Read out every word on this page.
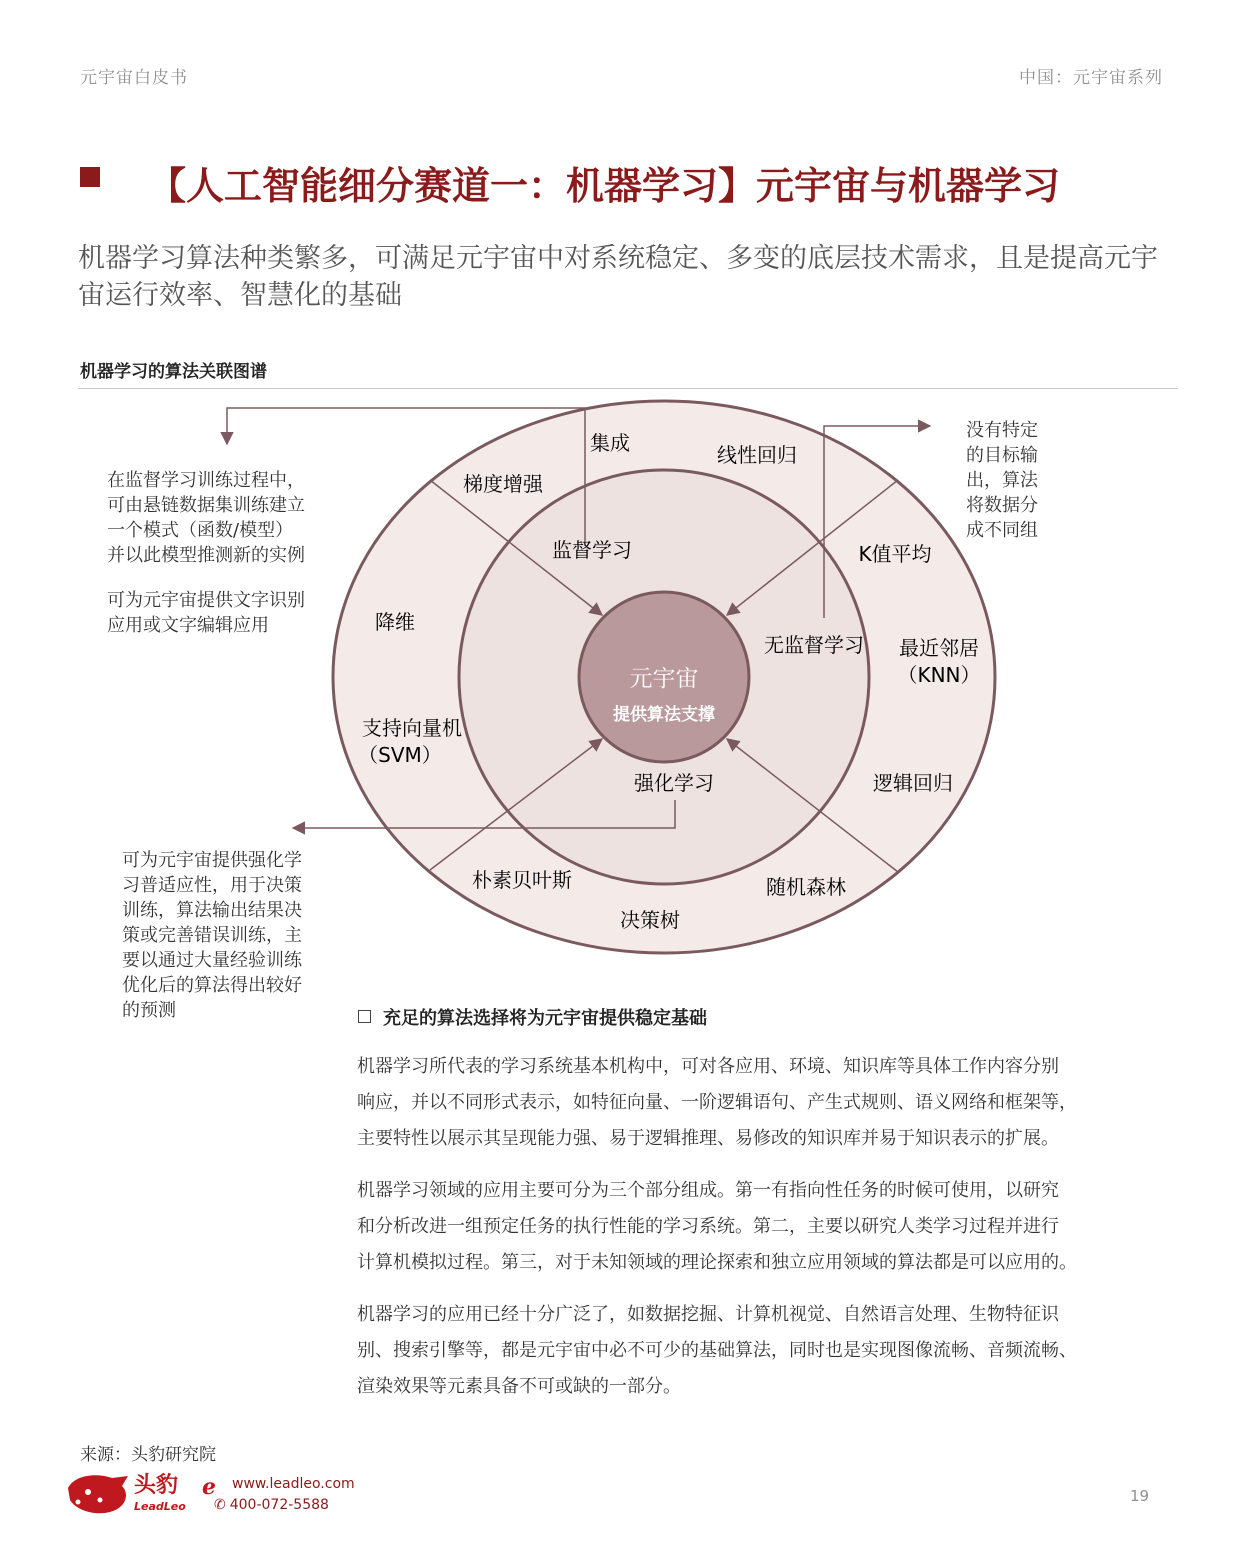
元宇宙白皮书	中国：元宇宙系列
【人工智能细分赛道一：机器学习】元宇宙与机器学习
机器学习算法种类繁多，可满足元宇宙中对系统稳定、多变的底层技术需求，且是提高元宇宙运行效率、智慧化的基础
机器学习的算法关联图谱
元宇宙
提供算法支撑
监督学习
无监督学习
强化学习
集成	线性回归
梯度增强
K值平均
降维
最近邻居
（KNN）
支持向量机
（SVM）
逻辑回归
朴素贝叶斯	随机森林
决策树
在监督学习训练过程中，
可由悬链数据集训练建立
一个模式（函数/模型）
并以此模型推测新的实例
可为元宇宙提供文字识别
应用或文字编辑应用
没有特定
的目标输
出，算法
将数据分
成不同组
可为元宇宙提供强化学
习普适应性，用于决策
训练，算法输出结果决
策或完善错误训练，主
要以通过大量经验训练
优化后的算法得出较好
的预测	充足的算法选择将为元宇宙提供稳定基础
机器学习所代表的学习系统基本机构中，可对各应用、环境、知识库等具体工作内容分别
响应，并以不同形式表示，如特征向量、一阶逻辑语句、产生式规则、语义网络和框架等，
主要特性以展示其呈现能力强、易于逻辑推理、易修改的知识库并易于知识表示的扩展。
机器学习领域的应用主要可分为三个部分组成。第一有指向性任务的时候可使用，以研究
和分析改进一组预定任务的执行性能的学习系统。第二，主要以研究人类学习过程并进行
计算机模拟过程。第三，对于未知领域的理论探索和独立应用领域的算法都是可以应用的。
机器学习的应用已经十分广泛了，如数据挖掘、计算机视觉、自然语言处理、生物特征识
别、搜索引擎等，都是元宇宙中必不可少的基础算法，同时也是实现图像流畅、音频流畅、
渲染效果等元素具备不可或缺的一部分。
来源：头豹研究院
头豹
LeadLeo
e www.leadleo.com
✆ 400-072-5588	19
